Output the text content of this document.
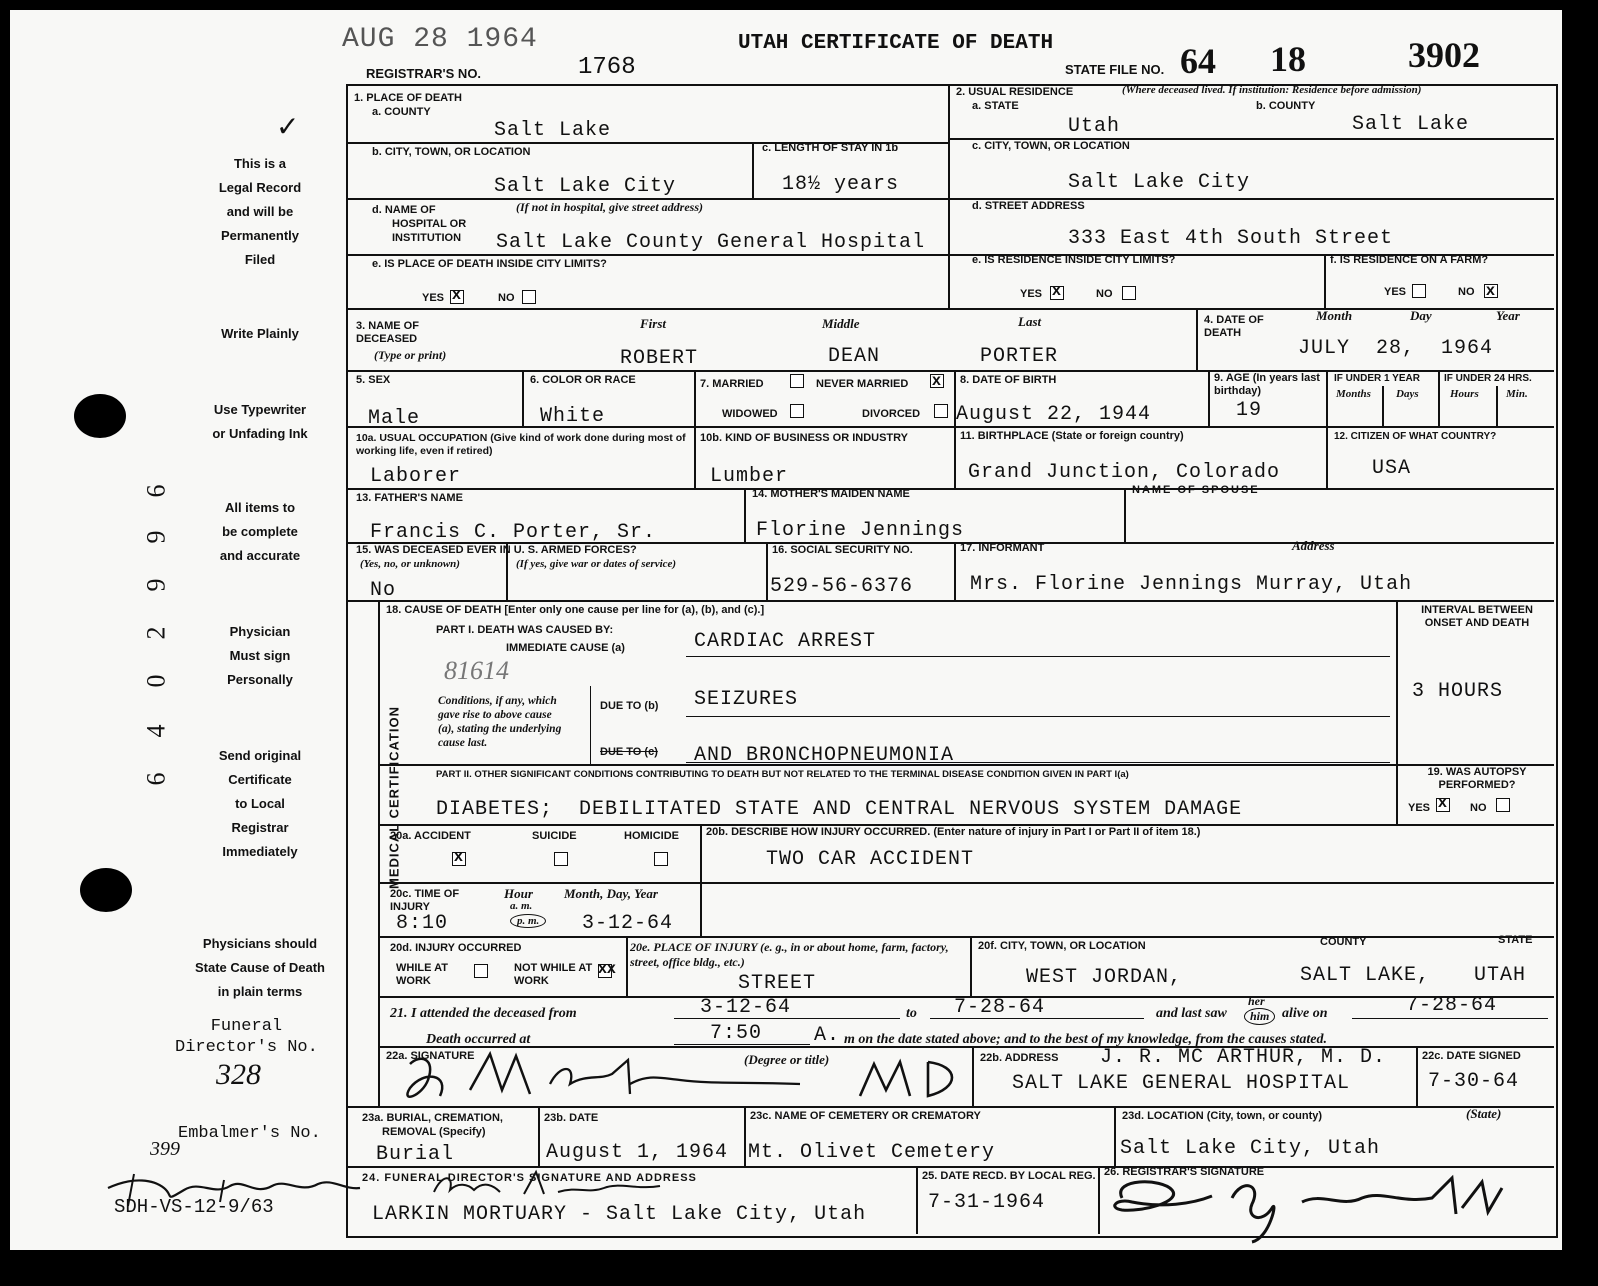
AUG 28 1964	UTAH CERTIFICATE OF DEATH
REGISTRAR'S NO.	1768	STATE FILE NO. 64 18	3902
✓
This is a
Legal Record
and will be
Permanently
Filed
Write Plainly
Use Typewriter
or Unfading Ink
All items to
be complete
and accurate
Physician
Must sign
Personally
Send original
Certificate
to Local
Registrar
Immediately
Physicians should
State Cause of Death
in plain terms
Funeral
Director's No.
328
Embalmer's No.
399
SDH-VS-12-9/63
6
9
9
2
0
4
6
1. PLACE OF DEATH
a. COUNTY
Salt Lake
b. CITY, TOWN, OR LOCATION
Salt Lake City
c. LENGTH OF STAY IN 1b
18½ years
d. NAME OF
HOSPITAL OR
INSTITUTION
(If not in hospital, give street address)
Salt Lake County General Hospital
e. IS PLACE OF DEATH INSIDE CITY LIMITS?
YES x	NO
2. USUAL RESIDENCE	(Where deceased lived. If institution: Residence before admission)
a. STATE
Utah
b. COUNTY
Salt Lake
c. CITY, TOWN, OR LOCATION
Salt Lake City
d. STREET ADDRESS
333 East 4th South Street
e. IS RESIDENCE INSIDE CITY LIMITS?
YES x	NO
f. IS RESIDENCE ON A FARM?
YES	NO x
3. NAME OF DECEASED
(Type or print)
First	Middle	Last
ROBERT	DEAN	PORTER
4. DATE OF DEATH
Month	Day	Year
JULY  28,  1964
5. SEX
Male
6. COLOR OR RACE
White
7. MARRIED	NEVER MARRIED x
WIDOWED	DIVORCED
8. DATE OF BIRTH
August 22, 1944
9. AGE (In years last birthday)
19
IF UNDER 1 YEAR IF UNDER 24 HRS.
Months Days	Hours Min.
10a. USUAL OCCUPATION (Give kind of work done during most of working life, even if retired)
Laborer
10b. KIND OF BUSINESS OR INDUSTRY
Lumber
11. BIRTHPLACE (State or foreign country)
Grand Junction, Colorado
12. CITIZEN OF WHAT COUNTRY?
USA
13. FATHER'S NAME
Francis C. Porter, Sr.
14. MOTHER'S MAIDEN NAME
Florine Jennings
NAME OF SPOUSE
15. WAS DECEASED EVER IN U. S. ARMED FORCES?
(Yes, no, or unknown)	(If yes, give war or dates of service)
No
16. SOCIAL SECURITY NO.
529-56-6376
17. INFORMANT	Address
Mrs. Florine Jennings Murray, Utah
MEDICAL CERTIFICATION
18. CAUSE OF DEATH [Enter only one cause per line for (a), (b), and (c).]
PART I. DEATH WAS CAUSED BY:
IMMEDIATE CAUSE (a)	CARDIAC ARREST
81614
Conditions, if any, which gave rise to above cause (a), stating the underlying cause last.
DUE TO (b) SEIZURES
DUE TO (c) AND BRONCHOPNEUMONIA
INTERVAL BETWEEN ONSET AND DEATH
3 HOURS
PART II. OTHER SIGNIFICANT CONDITIONS CONTRIBUTING TO DEATH BUT NOT RELATED TO THE TERMINAL DISEASE CONDITION GIVEN IN PART I(a)
DIABETES;  DEBILITATED STATE AND CENTRAL NERVOUS SYSTEM DAMAGE
19. WAS AUTOPSY PERFORMED?
YES x NO
20a. ACCIDENT
x
SUICIDE	HOMICIDE 20b. DESCRIBE HOW INJURY OCCURRED. (Enter nature of injury in Part I or Part II of item 18.)
TWO CAR ACCIDENT
20c. TIME OF INJURY
Hour
a. m.
p. m.
Month, Day, Year
8:10	3-12-64
20d. INJURY OCCURRED
WHILE AT WORK
NOT WHILE AT WORK
xx
20e. PLACE OF INJURY (e. g., in or about home, farm, factory, street, office bldg., etc.)
STREET
20f. CITY, TOWN, OR LOCATION	COUNTY	STATE
WEST JORDAN,	SALT LAKE, UTAH
21. I attended the deceased from	3-12-64	to 7-28-64	and last saw
her
him alive on	7-28-64
Death occurred at	7:50	A. m on the date stated above; and to the best of my knowledge, from the causes stated.
22a. SIGNATURE	(Degree or title)	22b. ADDRESS J. R. MC ARTHUR, M. D.
SALT LAKE GENERAL HOSPITAL
22c. DATE SIGNED
7-30-64
23a. BURIAL, CREMATION,
REMOVAL (Specify)
Burial
23b. DATE
August 1, 1964
23c. NAME OF CEMETERY OR CREMATORY
Mt. Olivet Cemetery
23d. LOCATION (City, town, or county)	(State)
Salt Lake City, Utah
24. FUNERAL DIRECTOR'S SIGNATURE AND ADDRESS
LARKIN MORTUARY - Salt Lake City, Utah
25. DATE RECD. BY LOCAL REG.
7-31-1964
26. REGISTRAR'S SIGNATURE
